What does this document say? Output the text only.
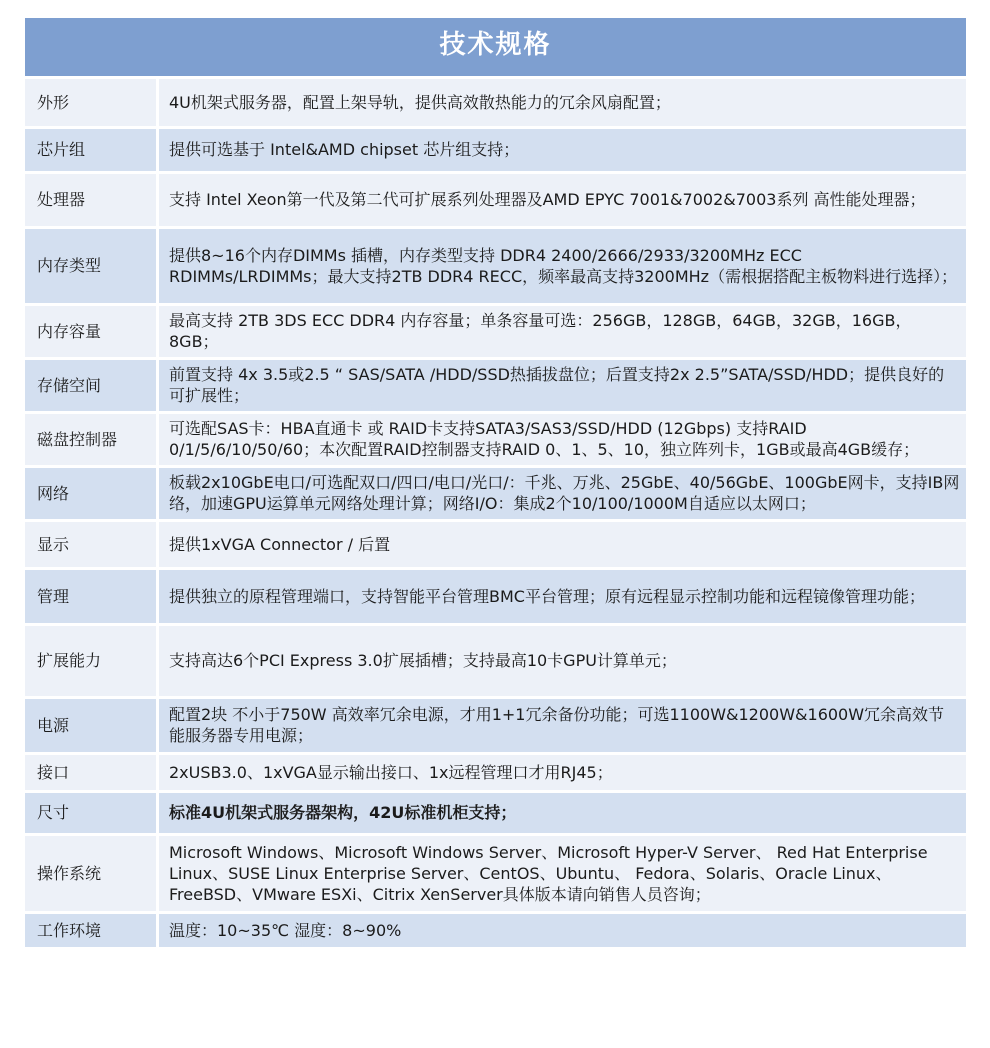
技术规格
外形	4U机架式服务器，配置上架导轨，提供高效散热能力的冗余风扇配置；
芯片组	提供可选基于 Intel&AMD chipset 芯片组支持；
处理器	支持 Intel Xeon第一代及第二代可扩展系列处理器及AMD EPYC 7001&7002&7003系列 高性能处理器；
内存类型	提供8~16个内存DIMMs 插槽，内存类型支持 DDR4 2400/2666/2933/3200MHz ECC RDIMMs/LRDIMMs；最大支持2TB DDR4 RECC，频率最高支持3200MHz（需根据搭配主板物料进行选择）；
内存容量	最高支持 2TB 3DS ECC DDR4 内存容量；单条容量可选：256GB，128GB，64GB，32GB，16GB，8GB；
存储空间	前置支持 4x 3.5或2.5 “ SAS/SATA /HDD/SSD热插拔盘位；后置支持2x 2.5”SATA/SSD/HDD；提供良好的可扩展性；
磁盘控制器	可选配SAS卡：HBA直通卡 或 RAID卡支持SATA3/SAS3/SSD/HDD (12Gbps) 支持RAID 0/1/5/6/10/50/60；本次配置RAID控制器支持RAID 0、1、5、10，独立阵列卡，1GB或最高4GB缓存；
网络	板载2x10GbE电口/可选配双口/四口/电口/光口/：千兆、万兆、25GbE、40/56GbE、100GbE网卡，支持IB网络，加速GPU运算单元网络处理计算；网络I/O：集成2个10/100/1000M自适应以太网口；
显示	提供1xVGA Connector / 后置
管理	提供独立的原程管理端口，支持智能平台管理BMC平台管理；原有远程显示控制功能和远程镜像管理功能；
扩展能力	支持高达6个PCI Express 3.0扩展插槽；支持最高10卡GPU计算单元；
电源	配置2块 不小于750W 高效率冗余电源，才用1+1冗余备份功能；可选1100W&1200W&1600W冗余高效节能服务器专用电源；
接口	2xUSB3.0、1xVGA显示输出接口、1x远程管理口才用RJ45；
尺寸	标准4U机架式服务器架构，42U标准机柜支持；
操作系统	Microsoft Windows、Microsoft Windows Server、Microsoft Hyper-V Server、 Red Hat Enterprise Linux、SUSE Linux Enterprise Server、CentOS、Ubuntu、 Fedora、Solaris、Oracle Linux、FreeBSD、VMware ESXi、Citrix XenServer具体版本请向销售人员咨询；
工作环境	温度：10~35℃ 湿度：8~90%
